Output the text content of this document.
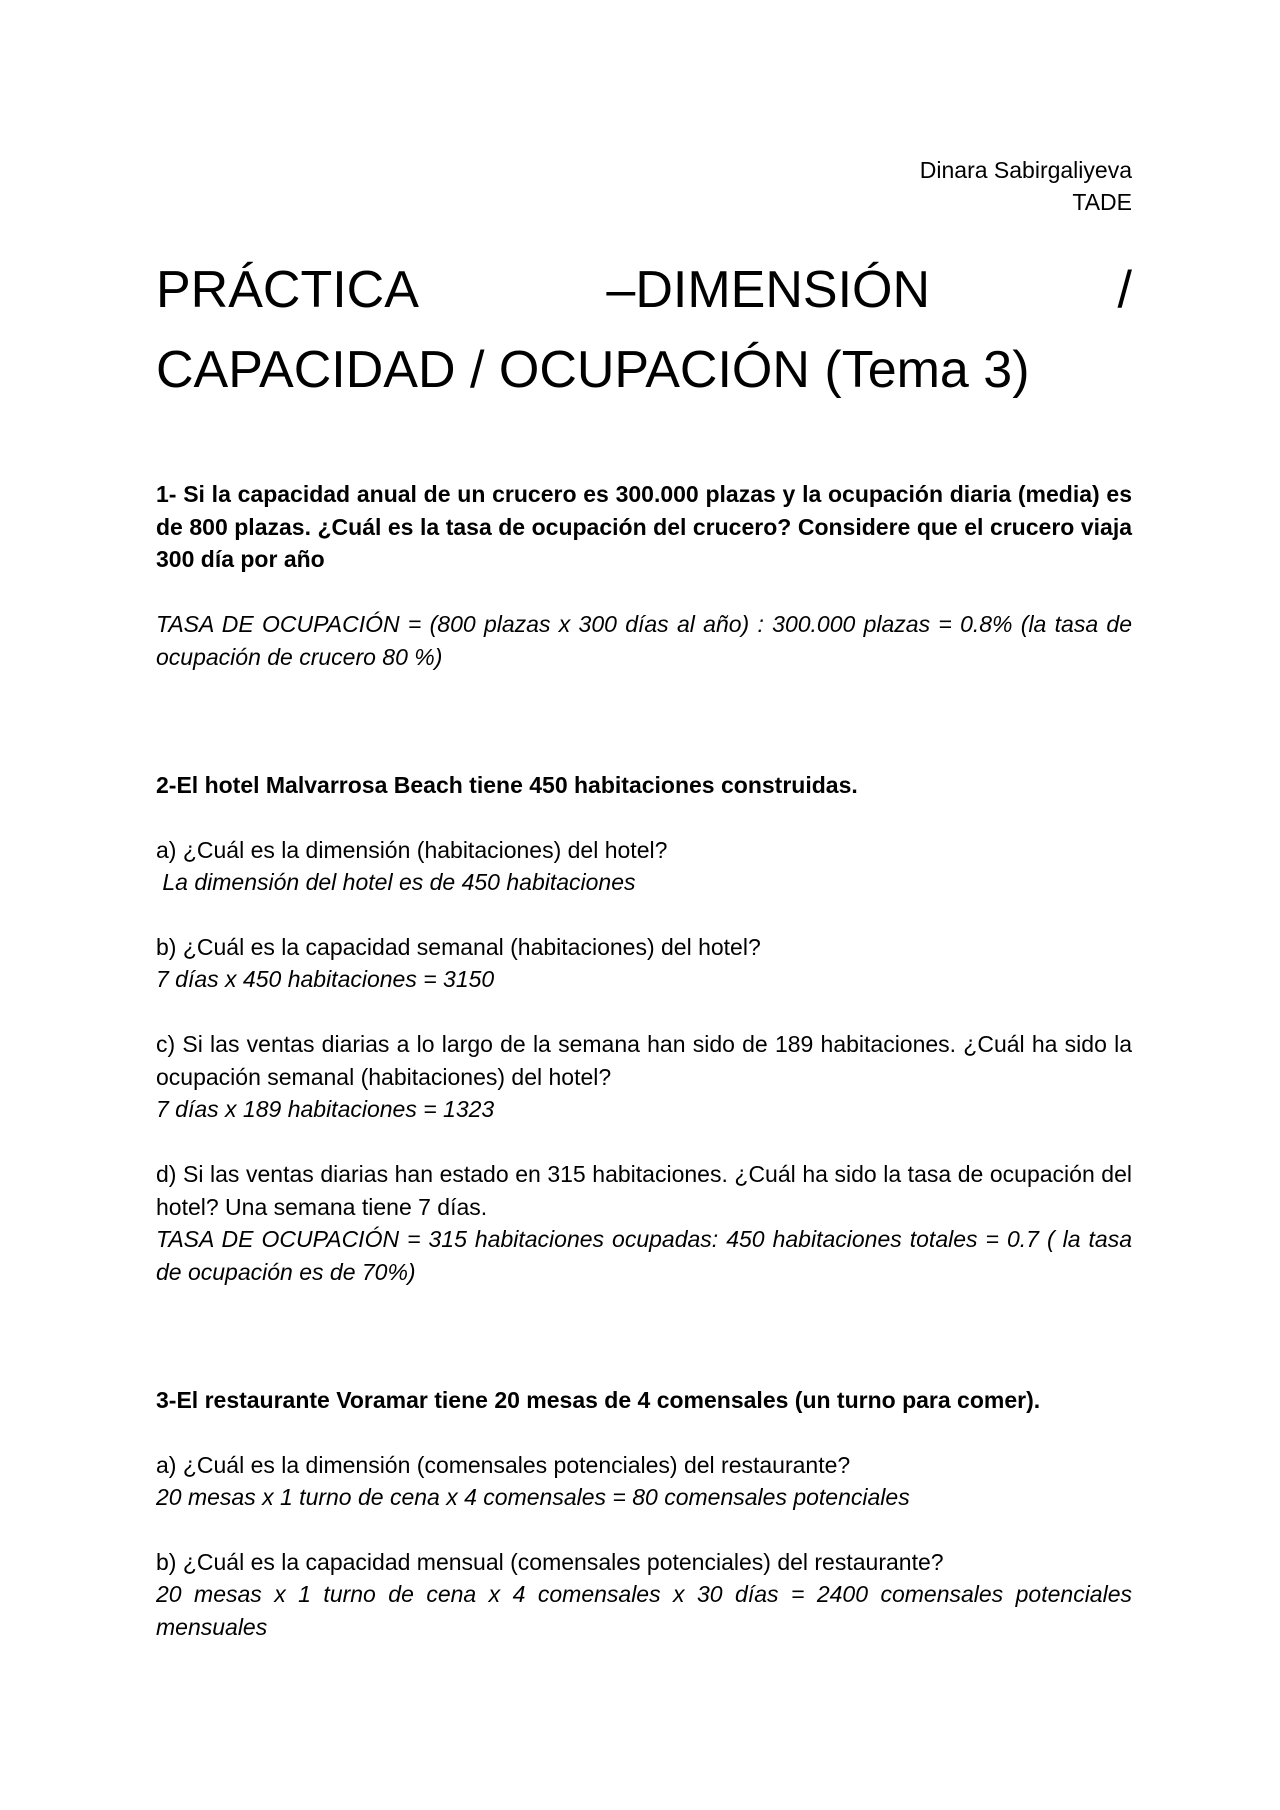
Dinara Sabirgaliyeva
TADE
PRÁCTICA	–DIMENSIÓN	/
CAPACIDAD / OCUPACIÓN (Tema 3)

1- Si la capacidad anual de un crucero es 300.000 plazas y la ocupación diaria (media) es de 800 plazas. ¿Cuál es la tasa de ocupación del crucero? Considere que el crucero viaja 300 día por año

TASA DE OCUPACIÓN = (800 plazas x 300 días al año) : 300.000 plazas = 0.8% (la tasa de ocupación de crucero 80 %)

2-El hotel Malvarrosa Beach tiene 450 habitaciones construidas.

a) ¿Cuál es la dimensión (habitaciones) del hotel?

La dimensión del hotel es de 450 habitaciones

b) ¿Cuál es la capacidad semanal (habitaciones) del hotel?

7 días x 450 habitaciones = 3150

c) Si las ventas diarias a lo largo de la semana han sido de 189 habitaciones. ¿Cuál ha sido la ocupación semanal (habitaciones) del hotel?

7 días x 189 habitaciones = 1323

d) Si las ventas diarias han estado en 315 habitaciones. ¿Cuál ha sido la tasa de ocupación del hotel? Una semana tiene 7 días.

TASA DE OCUPACIÓN = 315 habitaciones ocupadas: 450 habitaciones totales = 0.7 ( la tasa de ocupación es de 70%)

3-El restaurante Voramar tiene 20 mesas de 4 comensales (un turno para comer).

a) ¿Cuál es la dimensión (comensales potenciales) del restaurante?

20 mesas x 1 turno de cena x 4 comensales = 80 comensales potenciales

b) ¿Cuál es la capacidad mensual (comensales potenciales) del restaurante?

20 mesas x 1 turno de cena x 4 comensales x 30 días = 2400 comensales potenciales mensuales
